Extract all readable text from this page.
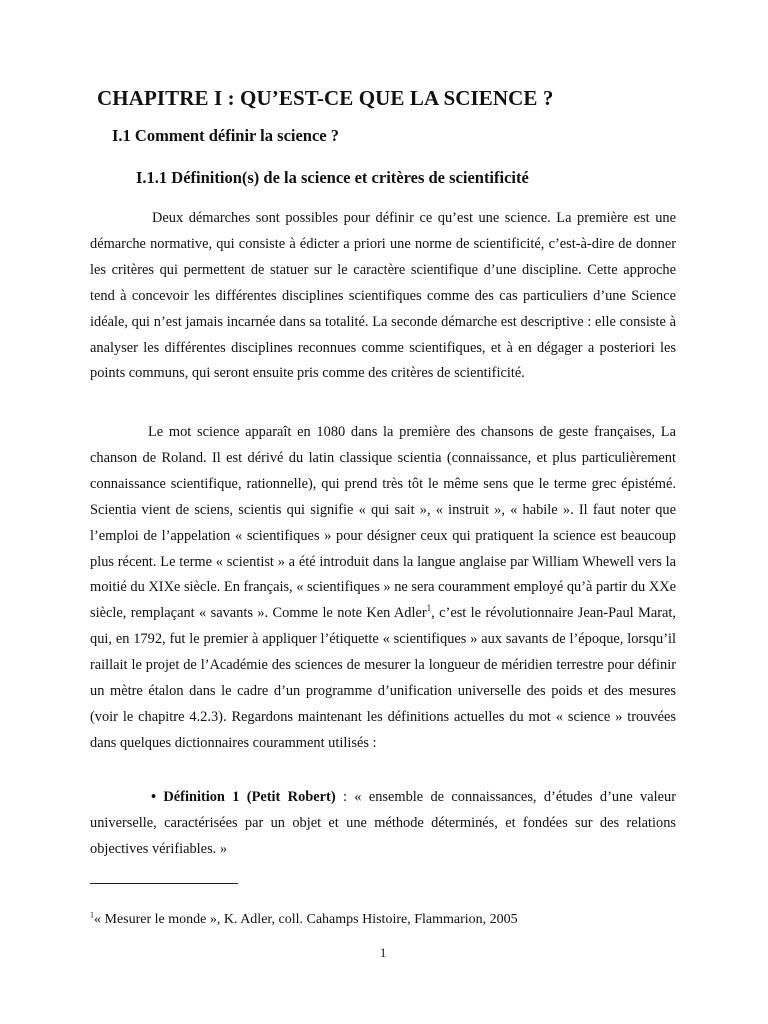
CHAPITRE I : QU’EST-CE QUE LA SCIENCE ?
I.1 Comment définir la science ?
I.1.1 Définition(s) de la science et critères de scientificité

Deux démarches sont possibles pour définir ce qu’est une science. La première est une démarche normative, qui consiste à édicter a priori une norme de scientificité, c’est-à-dire de donner les critères qui permettent de statuer sur le caractère scientifique d’une discipline. Cette approche tend à concevoir les différentes disciplines scientifiques comme des cas particuliers d’une Science idéale, qui n’est jamais incarnée dans sa totalité. La seconde démarche est descriptive : elle consiste à analyser les différentes disciplines reconnues comme scientifiques, et à en dégager a posteriori les points communs, qui seront ensuite pris comme des critères de scientificité.

Le mot science apparaît en 1080 dans la première des chansons de geste françaises, La chanson de Roland. Il est dérivé du latin classique scientia (connaissance, et plus particulièrement connaissance scientifique, rationnelle), qui prend très tôt le même sens que le terme grec épistémé. Scientia vient de sciens, scientis qui signifie « qui sait », « instruit », « habile ». Il faut noter que l’emploi de l’appelation « scientifiques » pour désigner ceux qui pratiquent la science est beaucoup plus récent. Le terme « scientist » a été introduit dans la langue anglaise par William Whewell vers la moitié du XIXe siècle. En français, « scientifiques » ne sera couramment employé qu’à partir du XXe siècle, remplaçant « savants ». Comme le note Ken Adler$^1$, c’est le révolutionnaire Jean-Paul Marat, qui, en 1792, fut le premier à appliquer l’étiquette « scientifiques » aux savants de l’époque, lorsqu’il raillait le projet de l’Académie des sciences de mesurer la longueur de méridien terrestre pour définir un mètre étalon dans le cadre d’un programme d’unification universelle des poids et des mesures (voir le chapitre 4.2.3). Regardons maintenant les définitions actuelles du mot « science » trouvées dans quelques dictionnaires couramment utilisés :

• Définition 1 (Petit Robert) : « ensemble de connaissances, d’études d’une valeur universelle, caractérisées par un objet et une méthode déterminés, et fondées sur des relations objectives vérifiables. »

$^1$« Mesurer le monde », K. Adler, coll. Cahamps Histoire, Flammarion, 2005

1
